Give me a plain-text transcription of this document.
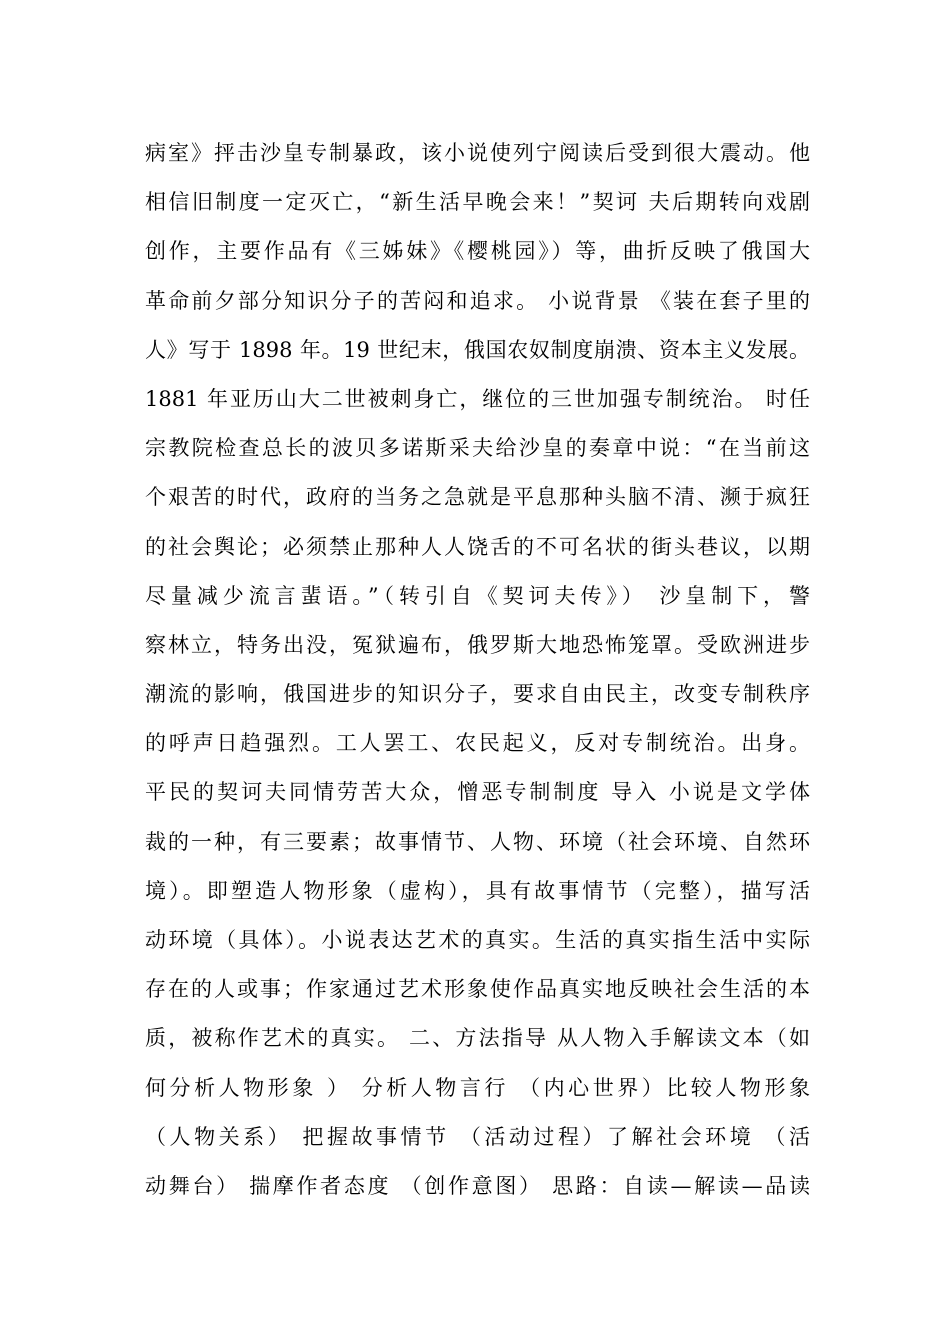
病室》抨击沙皇专制暴政，该小说使列宁阅读后受到很大震动。他
相信旧制度一定灭亡，“新生活早晚会来！”契诃 夫后期转向戏剧
创作，主要作品有《三姊妹》《樱桃园》）等，曲折反映了俄国大
革命前夕部分知识分子的苦闷和追求。 小说背景 《装在套子里的
人》写于 1898 年。19 世纪末，俄国农奴制度崩溃、资本主义发展。
1881 年亚历山大二世被刺身亡，继位的三世加强专制统治。 时任
宗教院检查总长的波贝多诺斯采夫给沙皇的奏章中说：“在当前这
个艰苦的时代，政府的当务之急就是平息那种头脑不清、濒于疯狂
的社会舆论；必须禁止那种人人饶舌的不可名状的街头巷议，以期
尽量减少流言蜚语。”（转引自《契诃夫传》） 沙皇制下，警
察林立，特务出没，冤狱遍布，俄罗斯大地恐怖笼罩。受欧洲进步
潮流的影响，俄国进步的知识分子，要求自由民主，改变专制秩序
的呼声日趋强烈。工人罢工、农民起义，反对专制统治。出身。
平民的契诃夫同情劳苦大众，憎恶专制制度 导入 小说是文学体
裁的一种，有三要素；故事情节、人物、环境（社会环境、自然环
境）。即塑造人物形象（虚构），具有故事情节（完整），描写活
动环境（具体）。小说表达艺术的真实。生活的真实指生活中实际
存在的人或事；作家通过艺术形象使作品真实地反映社会生活的本
质，被称作艺术的真实。 二、方法指导 从人物入手解读文本（如
何分析人物形象 ） 分析人物言行 （内心世界）比较人物形象
（人物关系） 把握故事情节 （活动过程）了解社会环境 （活
动舞台） 揣摩作者态度 （创作意图） 思路：自读—解读—品读
